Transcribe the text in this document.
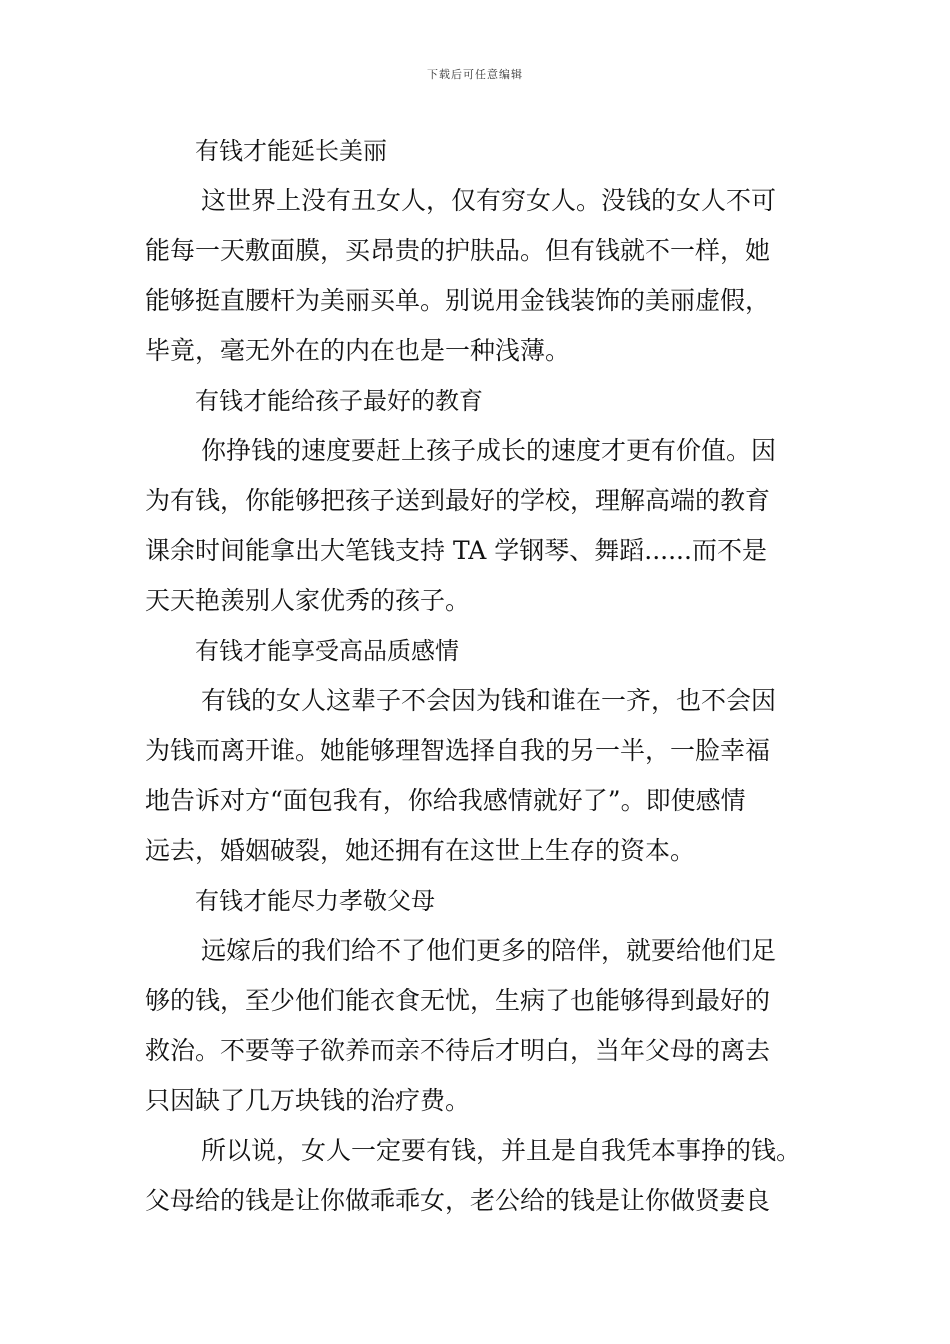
下载后可任意编辑
有钱才能延长美丽
这世界上没有丑女人，仅有穷女人。没钱的女人不可
能每一天敷面膜，买昂贵的护肤品。但有钱就不一样，她
能够挺直腰杆为美丽买单。别说用金钱装饰的美丽虚假，
毕竟，毫无外在的内在也是一种浅薄。
有钱才能给孩子最好的教育
你挣钱的速度要赶上孩子成长的速度才更有价值。因
为有钱，你能够把孩子送到最好的学校，理解高端的教育
课余时间能拿出大笔钱支持 TA 学钢琴、舞蹈......而不是
天天艳羡别人家优秀的孩子。
有钱才能享受高品质感情
有钱的女人这辈子不会因为钱和谁在一齐，也不会因
为钱而离开谁。她能够理智选择自我的另一半，一脸幸福
地告诉对方“面包我有，你给我感情就好了”。即使感情
远去，婚姻破裂，她还拥有在这世上生存的资本。
有钱才能尽力孝敬父母
远嫁后的我们给不了他们更多的陪伴，就要给他们足
够的钱，至少他们能衣食无忧，生病了也能够得到最好的
救治。不要等子欲养而亲不待后才明白，当年父母的离去
只因缺了几万块钱的治疗费。
所以说，女人一定要有钱，并且是自我凭本事挣的钱。
父母给的钱是让你做乖乖女，老公给的钱是让你做贤妻良
